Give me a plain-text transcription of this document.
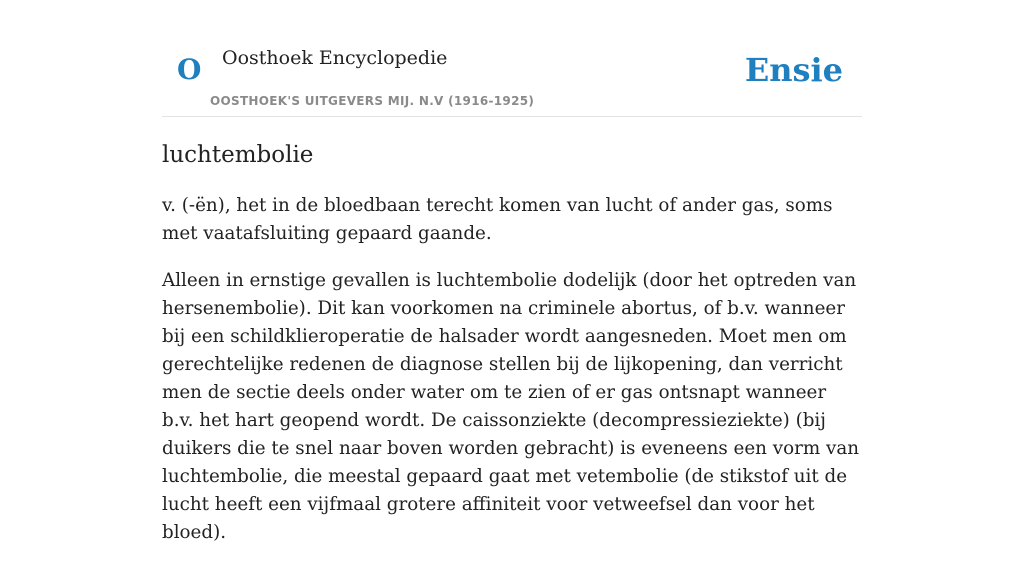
O Oosthoek Encyclopedie
OOSTHOEK'S UITGEVERS MIJ. N.V (1916-1925)
Ensie
luchtembolie

v. (-ën), het in de bloedbaan terecht komen van lucht of ander gas, soms met vaatafsluiting gepaard gaande.

Alleen in ernstige gevallen is luchtembolie dodelijk (door het optreden van hersenembolie). Dit kan voorkomen na criminele abortus, of b.v. wanneer bij een schildklieroperatie de halsader wordt aangesneden. Moet men om gerechtelijke redenen de diagnose stellen bij de lijkopening, dan verricht men de sectie deels onder water om te zien of er gas ontsnapt wanneer b.v. het hart geopend wordt. De caissonziekte (decompressieziekte) (bij duikers die te snel naar boven worden gebracht) is eveneens een vorm van luchtembolie, die meestal gepaard gaat met vetembolie (de stikstof uit de lucht heeft een vijfmaal grotere affiniteit voor vetweefsel dan voor het bloed).
